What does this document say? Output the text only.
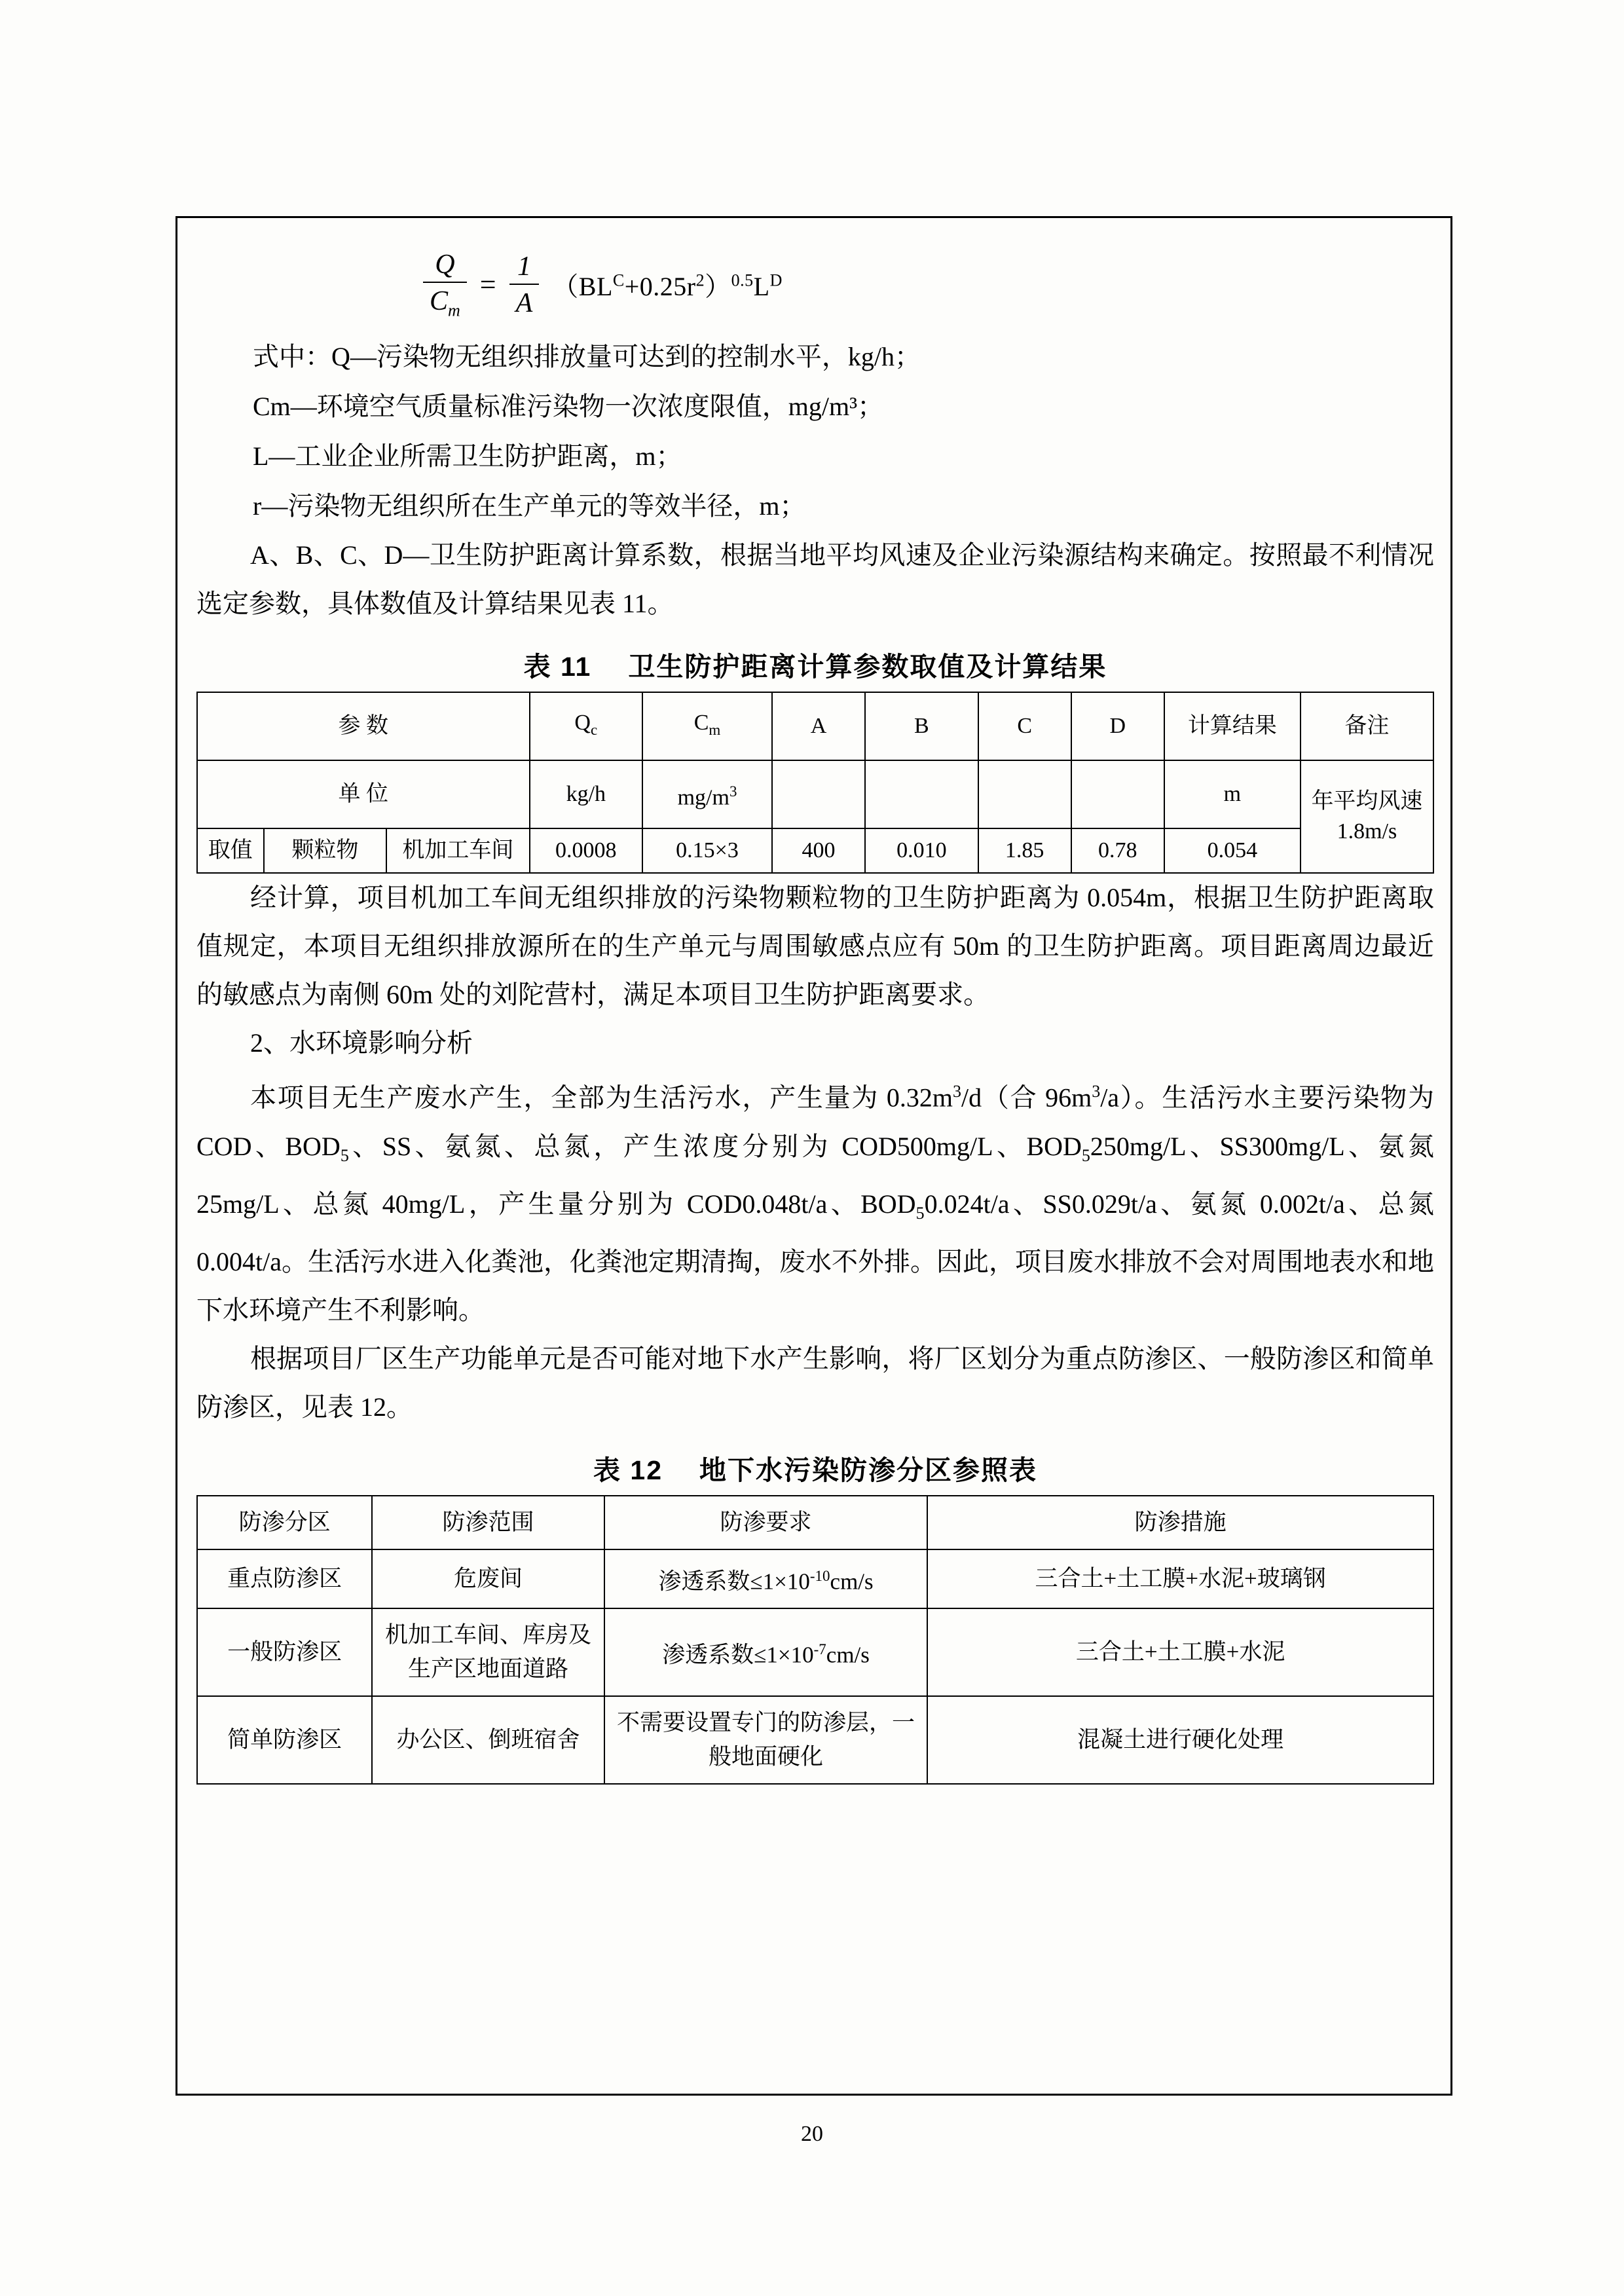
$\frac{Q}{C_m} = \frac{1}{A} (BL^C+0.25r^2)^{0.5}L^D$
式中：Q—污染物无组织排放量可达到的控制水平，kg/h；
Cm—环境空气质量标准污染物一次浓度限值，mg/m³；
L—工业企业所需卫生防护距离，m；
r—污染物无组织所在生产单元的等效半径，m；

A、B、C、D—卫生防护距离计算系数，根据当地平均风速及企业污染源结构来确定。按照最不利情况选定参数，具体数值及计算结果见表 11。

表 11 卫生防护距离计算参数取值及计算结果
参 数			$Q_c$	$C_m$	A	B	C	D	计算结果	备注
单 位			kg/h	$mg/m^3$					m	年平均风速 1.8m/s
取值	颗粒物	机加工车间	0.0008	0.15×3	400	0.010	1.85	0.78	0.054	

经计算，项目机加工车间无组织排放的污染物颗粒物的卫生防护距离为 0.054m，根据卫生防护距离取值规定，本项目无组织排放源所在的生产单元与周围敏感点应有 50m 的卫生防护距离。项目距离周边最近的敏感点为南侧 60m 处的刘陀营村，满足本项目卫生防护距离要求。

2、水环境影响分析

本项目无生产废水产生，全部为生活污水，产生量为 $0.32m^3/d$（合 $96m^3/a$）。生活污水主要污染物为 COD、$BOD_5$、SS、氨氮、总氮，产生浓度分别为 COD500mg/L、$BOD_5250mg/L$、SS300mg/L、氨氮 25mg/L、总氮 40mg/L，产生量分别为 COD0.048t/a、$BOD_50.024t/a$、SS0.029t/a、氨氮 0.002t/a、总氮 0.004t/a。生活污水进入化粪池，化粪池定期清掏，废水不外排。因此，项目废水排放不会对周围地表水和地下水环境产生不利影响。

根据项目厂区生产功能单元是否可能对地下水产生影响，将厂区划分为重点防渗区、一般防渗区和简单防渗区，见表 12。

表 12 地下水污染防渗分区参照表
防渗分区	防渗范围	防渗要求	防渗措施
重点防渗区	危废间	渗透系数$\le 1\times 10^{-10}cm/s$	三合土+土工膜+水泥+玻璃钢
一般防渗区	机加工车间、库房及生产区地面道路	渗透系数$\le 1\times 10^{-7}cm/s$	三合土+土工膜+水泥
简单防渗区	办公区、倒班宿舍	不需要设置专门的防渗层，一般地面硬化	混凝土进行硬化处理
20
